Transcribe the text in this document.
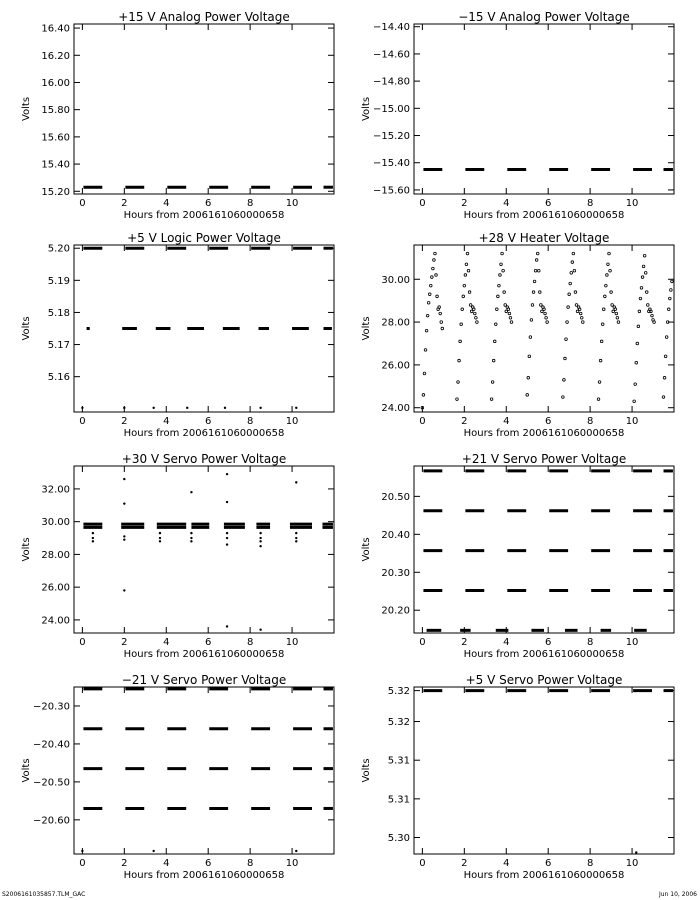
0	2	4	6	8	10
15.20
15.40
15.60
15.80
16.00
16.20
16.40
+15 V Analog Power Voltage
Hours from 2006161060000658
Volts
0	2	4	6	8	10
−15.60
−15.40
−15.20
−15.00
−14.80
−14.60
−14.40
−15 V Analog Power Voltage
Hours from 2006161060000658
Volts
0	2	4	6	8	10
5.16
5.17
5.18
5.19
5.20
+5 V Logic Power Voltage
Hours from 2006161060000658
Volts
0	2	4	6	8	10
24.00
26.00
28.00
30.00
+28 V Heater Voltage
Hours from 2006161060000658
Volts
0	2	4	6	8	10
24.00
26.00
28.00
30.00
32.00
+30 V Servo Power Voltage
Hours from 2006161060000658
Volts
0	2	4	6	8	10
20.20
20.30
20.40
20.50
+21 V Servo Power Voltage
Hours from 2006161060000658
Volts
0	2	4	6	8	10
−20.60
−20.50
−20.40
−20.30
−21 V Servo Power Voltage
Hours from 2006161060000658
Volts
0	2	4	6	8	10
5.30
5.31
5.31
5.32
5.32
+5 V Servo Power Voltage
Hours from 2006161060000658
Volts
S2006161035857.TLM_GAC	Jun 10, 2006
